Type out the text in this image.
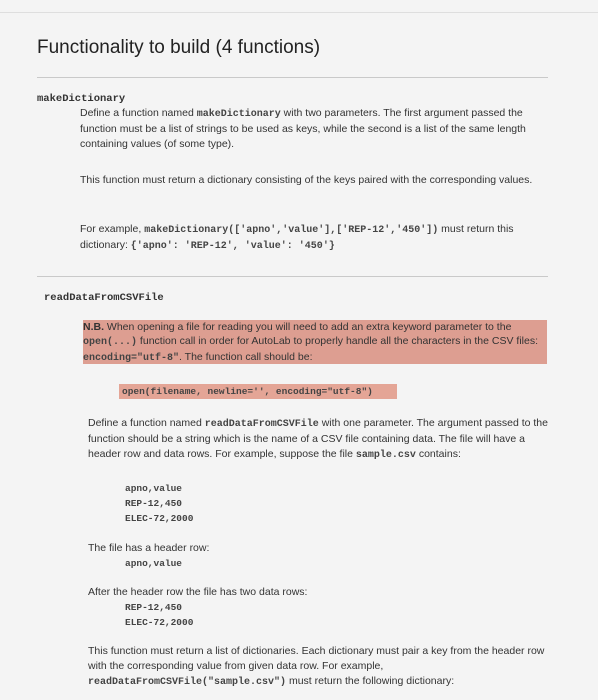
Functionality to build (4 functions)

makeDictionary

Define a function named makeDictionary with two parameters. The first argument passed the function must be a list of strings to be used as keys, while the second is a list of the same length containing values (of some type).

This function must return a dictionary consisting of the keys paired with the corresponding values.

For example, makeDictionary(['apno','value'],['REP-12','450']) must return this dictionary: {'apno': 'REP-12', 'value': '450'}

readDataFromCSVFile

N.B. When opening a file for reading you will need to add an extra keyword parameter to the open(...) function call in order for AutoLab to properly handle all the characters in the CSV files: encoding="utf-8". The function call should be:

open(filename, newline='', encoding="utf-8")

Define a function named readDataFromCSVFile with one parameter. The argument passed to the function should be a string which is the name of a CSV file containing data. The file will have a header row and data rows. For example, suppose the file sample.csv contains:

apno,value

REP-12,450

ELEC-72,2000

The file has a header row:

apno,value

After the header row the file has two data rows:

REP-12,450

ELEC-72,2000

This function must return a list of dictionaries. Each dictionary must pair a key from the header row with the corresponding value from given data row. For example, readDataFromCSVFile("sample.csv") must return the following dictionary:
